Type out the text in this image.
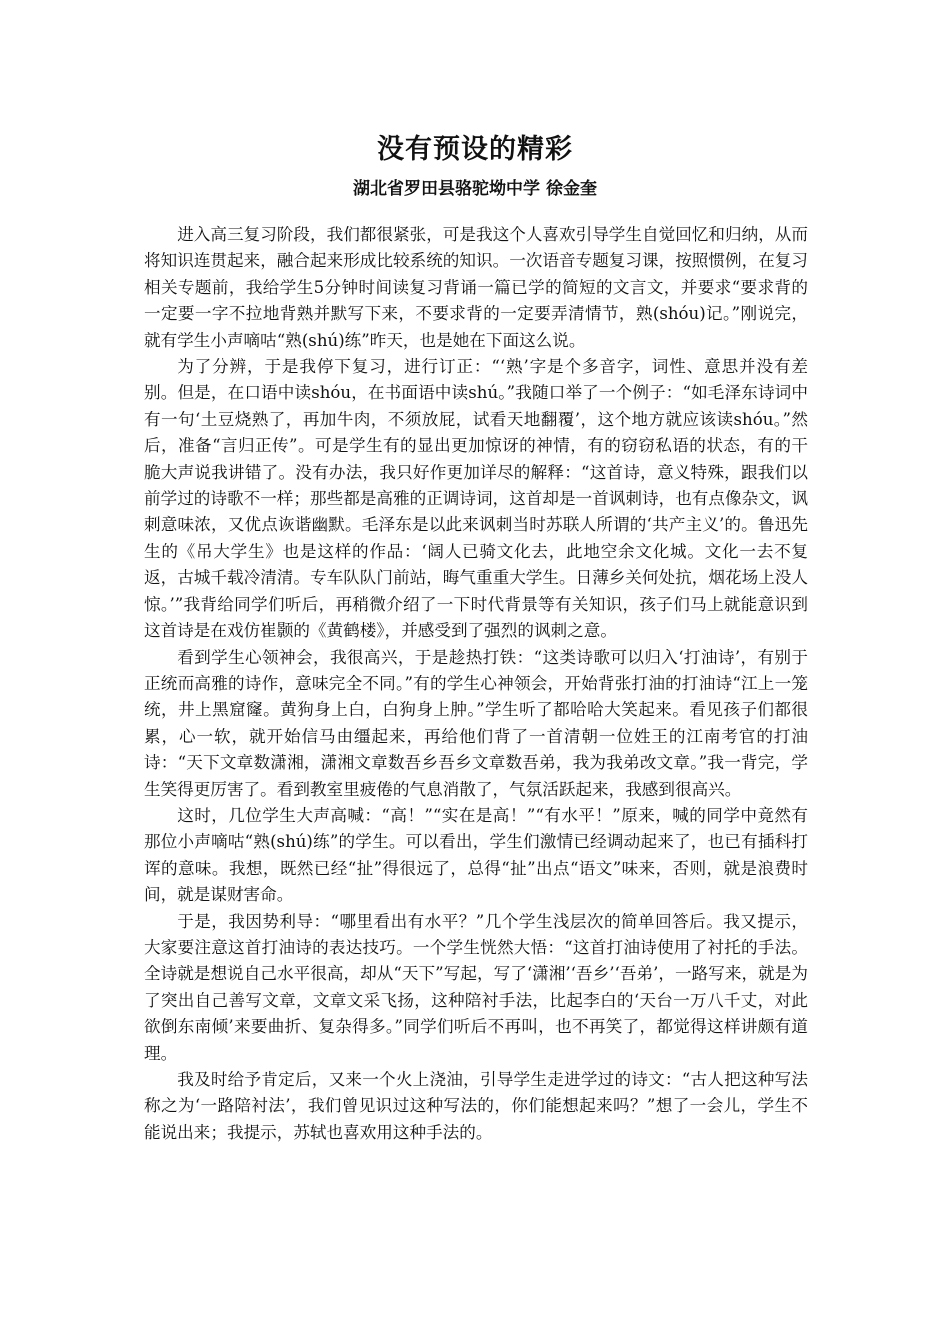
没有预设的精彩
湖北省罗田县骆驼坳中学 徐金奎

进入高三复习阶段，我们都很紧张，可是我这个人喜欢引导学生自觉回忆和归纳，从而将知识连贯起来，融合起来形成比较系统的知识。一次语音专题复习课，按照惯例，在复习相关专题前，我给学生5分钟时间读复习背诵一篇已学的简短的文言文，并要求“要求背的一定要一字不拉地背熟并默写下来，不要求背的一定要弄清情节，熟(shóu)记。”刚说完，就有学生小声嘀咕“熟(shú)练”昨天，也是她在下面这么说。

为了分辨，于是我停下复习，进行订正：“‘熟’字是个多音字，词性、意思并没有差别。但是，在口语中读shóu，在书面语中读shú。”我随口举了一个例子：“如毛泽东诗词中有一句‘土豆烧熟了，再加牛肉，不须放屁，试看天地翻覆’，这个地方就应该读shóu。”然后，准备“言归正传”。可是学生有的显出更加惊讶的神情，有的窃窃私语的状态，有的干脆大声说我讲错了。没有办法，我只好作更加详尽的解释：“这首诗，意义特殊，跟我们以前学过的诗歌不一样；那些都是高雅的正调诗词，这首却是一首讽刺诗，也有点像杂文，讽刺意味浓，又优点诙谐幽默。毛泽东是以此来讽刺当时苏联人所谓的‘共产主义’的。鲁迅先生的《吊大学生》也是这样的作品：‘阔人已骑文化去，此地空余文化城。文化一去不复返，古城千载冷清清。专车队队门前站，晦气重重大学生。日薄乡关何处抗，烟花场上没人惊。’”我背给同学们听后，再稍微介绍了一下时代背景等有关知识，孩子们马上就能意识到这首诗是在戏仿崔颢的《黄鹤楼》，并感受到了强烈的讽刺之意。

看到学生心领神会，我很高兴，于是趁热打铁：“这类诗歌可以归入‘打油诗’，有别于正统而高雅的诗作，意味完全不同。”有的学生心神领会，开始背张打油的打油诗“江上一笼统，井上黑窟窿。黄狗身上白，白狗身上肿。”学生听了都哈哈大笑起来。看见孩子们都很累，心一软，就开始信马由缰起来，再给他们背了一首清朝一位姓王的江南考官的打油诗：“天下文章数潇湘，潇湘文章数吾乡吾乡文章数吾弟，我为我弟改文章。”我一背完，学生笑得更厉害了。看到教室里疲倦的气息消散了，气氛活跃起来，我感到很高兴。

这时，几位学生大声高喊：“高！”“实在是高！”“有水平！”原来，喊的同学中竟然有那位小声嘀咕“熟(shú)练”的学生。可以看出，学生们激情已经调动起来了，也已有插科打诨的意味。我想，既然已经“扯”得很远了，总得“扯”出点“语文”味来，否则，就是浪费时间，就是谋财害命。

于是，我因势利导：“哪里看出有水平？”几个学生浅层次的简单回答后。我又提示，大家要注意这首打油诗的表达技巧。一个学生恍然大悟：“这首打油诗使用了衬托的手法。全诗就是想说自己水平很高，却从“天下”写起，写了‘潇湘’‘吾乡’‘吾弟’，一路写来，就是为了突出自己善写文章，文章文采飞扬，这种陪衬手法，比起李白的‘天台一万八千丈，对此欲倒东南倾’来要曲折、复杂得多。”同学们听后不再叫，也不再笑了，都觉得这样讲颇有道理。

我及时给予肯定后，又来一个火上浇油，引导学生走进学过的诗文：“古人把这种写法称之为‘一路陪衬法’，我们曾见识过这种写法的，你们能想起来吗？”想了一会儿，学生不能说出来；我提示，苏轼也喜欢用这种手法的。
